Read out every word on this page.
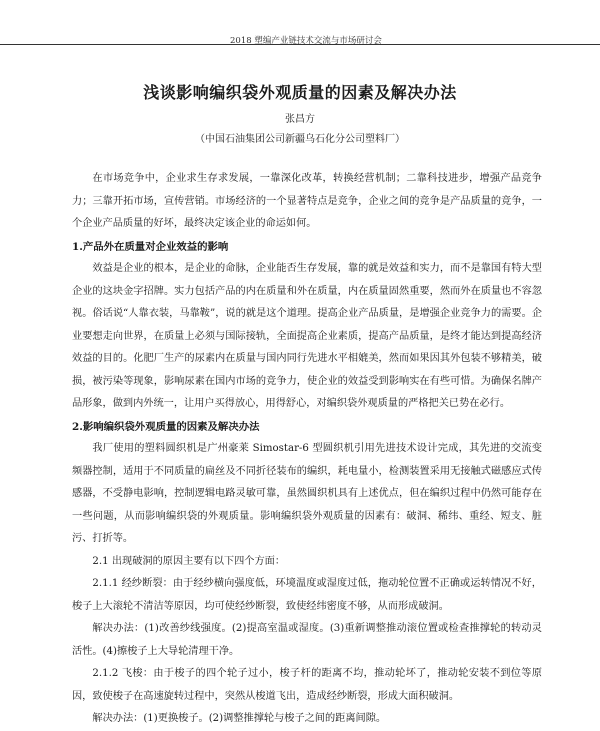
2018 塑编产业链技术交流与市场研讨会
浅谈影响编织袋外观质量的因素及解决办法
张昌方
（中国石油集团公司新疆乌石化分公司塑料厂）

在市场竞争中，企业求生存求发展，一靠深化改革，转换经营机制；二靠科技进步，增强产品竞争力；三靠开拓市场，宣传营销。市场经济的一个显著特点是竞争，企业之间的竞争是产品质量的竞争，一个企业产品质量的好坏，最终决定该企业的命运如何。

1.产品外在质量对企业效益的影响

效益是企业的根本，是企业的命脉，企业能否生存发展，靠的就是效益和实力，而不是靠国有特大型企业的这块金字招牌。实力包括产品的内在质量和外在质量，内在质量固然重要，然而外在质量也不容忽视。俗话说“人靠衣装，马靠鞍”，说的就是这个道理。提高企业产品质量，是增强企业竞争力的需要。企业要想走向世界，在质量上必须与国际接轨，全面提高企业素质，提高产品质量，是终才能达到提高经济效益的目的。化肥厂生产的尿素内在质量与国内同行先进水平相媲美，然而如果因其外包装不够精美，破损，被污染等现象，影响尿素在国内市场的竞争力，使企业的效益受到影响实在有些可惜。为确保名牌产品形象，做到内外统一，让用户买得放心，用得舒心，对编织袋外观质量的严格把关已势在必行。

2.影响编织袋外观质量的因素及解决办法

我厂使用的塑料圆织机是广州豪莱 Simostar-6 型圆织机引用先进技术设计完成，其先进的交流变频器控制，适用于不同质量的扁丝及不同折径装布的编织，耗电量小，检测装置采用无接触式磁感应式传感器，不受静电影响，控制逻辑电路灵敏可靠，虽然圆织机具有上述优点，但在编织过程中仍然可能存在一些问题，从而影响编织袋的外观质量。影响编织袋外观质量的因素有：破洞、稀纬、重经、短支、脏污、打折等。

2.1 出现破洞的原因主要有以下四个方面：

2.1.1 经纱断裂：由于经纱横向强度低，环境温度或湿度过低，拖动轮位置不正确或运转情况不好，梭子上大滚轮不清洁等原因，均可使经纱断裂，致使经纬密度不够，从而形成破洞。

解决办法：(1)改善纱线强度。(2)提高室温或湿度。(3)重新调整推动滚位置或检查推撑轮的转动灵活性。(4)擦梭子上大导轮清理干净。

2.1.2 飞梭：由于梭子的四个轮子过小，梭子杆的距离不均，推动轮坏了，推动轮安装不到位等原因，致使梭子在高速旋转过程中，突然从梭道飞出，造成经纱断裂，形成大面积破洞。

解决办法：(1)更换梭子。(2)调整推撑轮与梭子之间的距离间隙。
